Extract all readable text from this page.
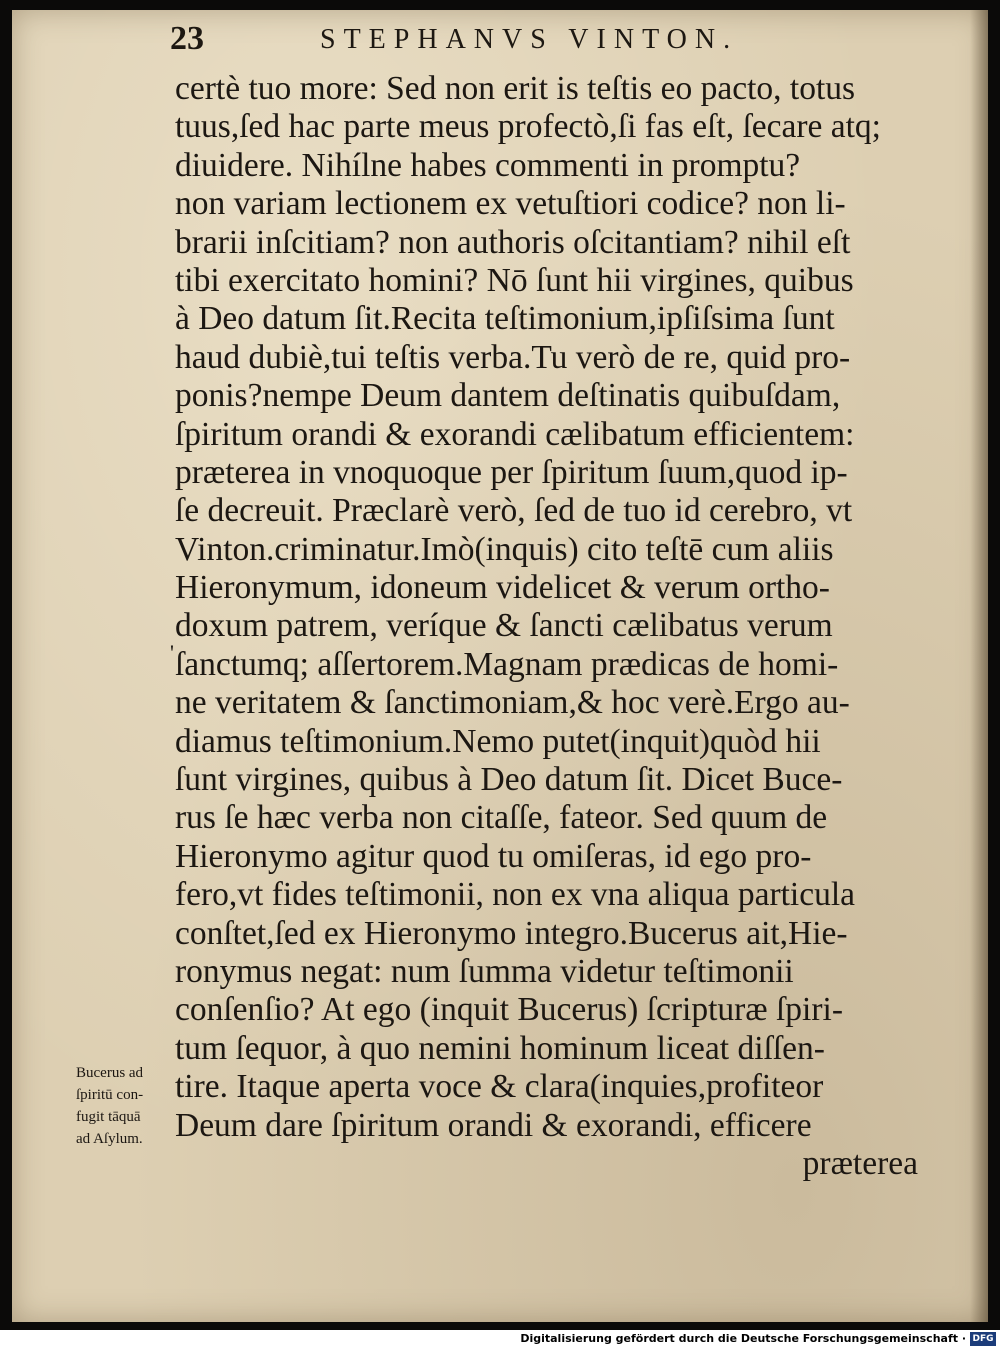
23	STEPHANVS VINTON.
'
certè tuo more: Sed non erit is teſtis eo pacto, totus
tuus,ſed hac parte meus profectò,ſi fas eſt, ſecare atq;
diuidere. Nihílne habes commenti in promptu?
non variam lectionem ex vetuſtiori codice? non li-
brarii inſcitiam? non authoris oſcitantiam? nihil eſt
tibi exercitato homini? Nō ſunt hii virgines, quibus
à Deo datum ſit.Recita teſtimonium,ipſiſsima ſunt
haud dubiè,tui teſtis verba.Tu verò de re, quid pro-
ponis?nempe Deum dantem deſtinatis quibuſdam,
ſpiritum orandi & exorandi cælibatum efficientem:
præterea in vnoquoque per ſpiritum ſuum,quod ip-
ſe decreuit. Præclarè verò, ſed de tuo id cerebro, vt
Vinton.criminatur.Imò(inquis) cito teſtē cum aliis
Hieronymum, idoneum videlicet & verum ortho-
doxum patrem, veríque & ſancti cælibatus verum
ſanctumq; aſſertorem.Magnam prædicas de homi-
ne veritatem & ſanctimoniam,& hoc verè.Ergo au-
diamus teſtimonium.Nemo putet(inquit)quòd hii
ſunt virgines, quibus à Deo datum ſit. Dicet Buce-
rus ſe hæc verba non citaſſe, fateor. Sed quum de
Hieronymo agitur quod tu omiſeras, id ego pro-
fero,vt fides teſtimonii, non ex vna aliqua particula
conſtet,ſed ex Hieronymo integro.Bucerus ait,Hie-
ronymus negat: num ſumma videtur teſtimonii
conſenſio? At ego (inquit Bucerus) ſcripturæ ſpiri-
tum ſequor, à quo nemini hominum liceat diſſen-
tire. Itaque aperta voce & clara(inquies,profiteor
Deum dare ſpiritum orandi & exorandi, efficere
præterea
Bucerus ad
ſpiritū con-
fugit tāquā
ad Aſylum.
Digitalisierung gefördert durch die Deutsche Forschungsgemeinschaft · DFG
